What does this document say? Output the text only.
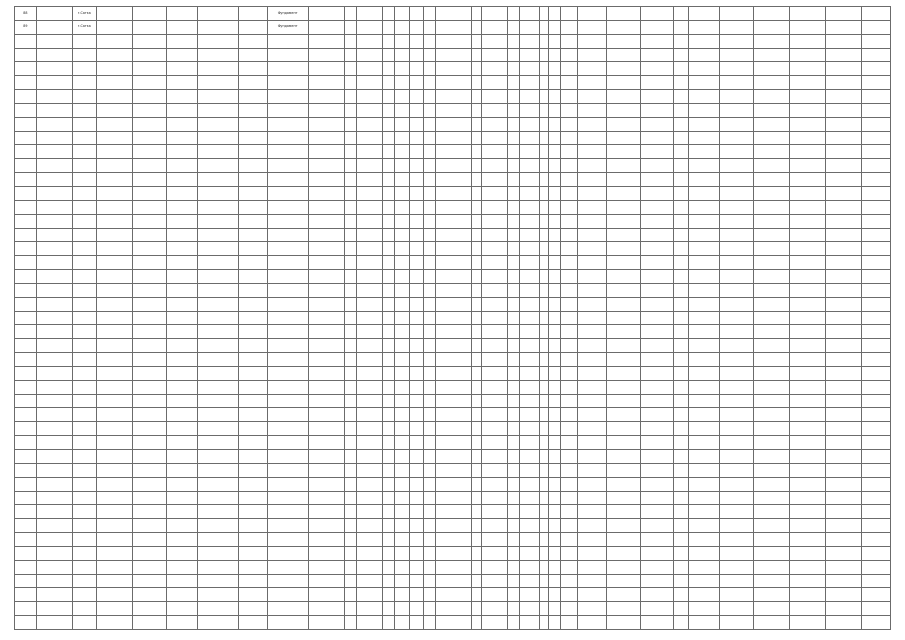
88		г.Сатка						Фундамент																									
89		г.Сатка						Фундамент																									
